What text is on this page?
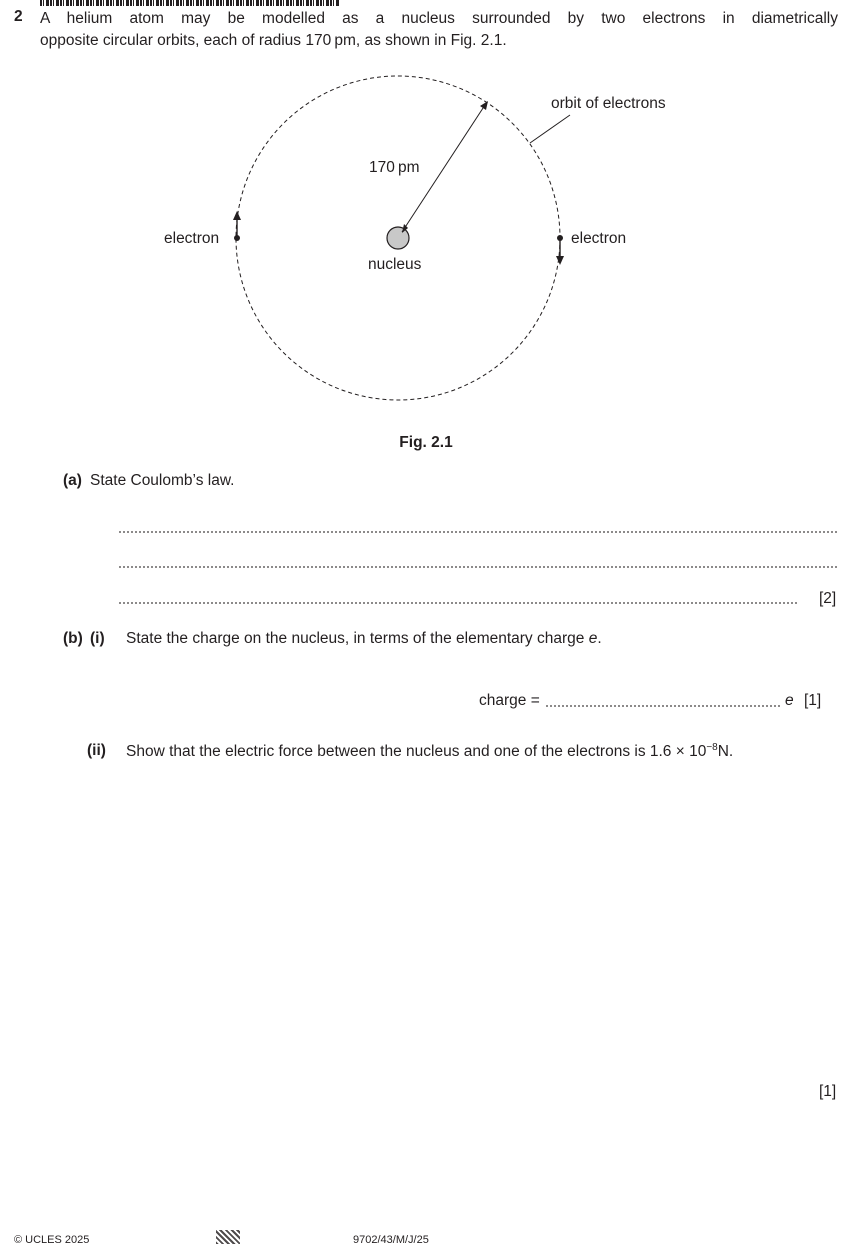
2 A helium atom may be modelled as a nucleus surrounded by two electrons in diametrically
opposite circular orbits, each of radius 170 pm, as shown in Fig. 2.1.
orbit of electrons
170 pm
electron	electron
nucleus
Fig. 2.1
(a) State Coulomb’s law.
[2]
(b) (i) State the charge on the nucleus, in terms of the elementary charge e.
charge =	e [1]
(ii) Show that the electric force between the nucleus and one of the electrons is $1.6 \times 10^{-8}N$.
[1]
© UCLES 2025	9702/43/M/J/25
